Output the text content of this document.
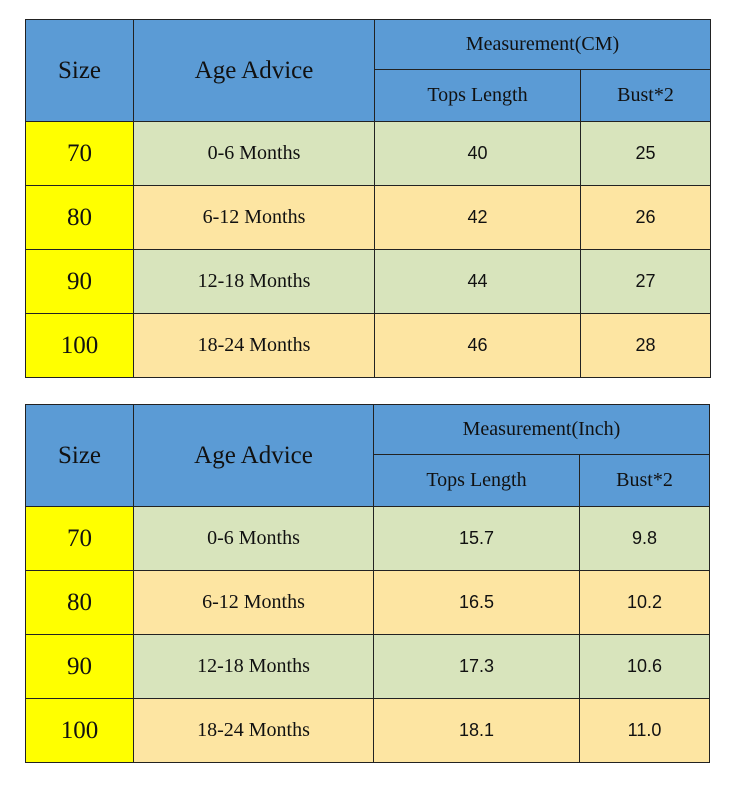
Size	Age Advice	Measurement(CM)	
		Tops Length	Bust*2
70	0-6 Months	40	25
80	6-12 Months	42	26
90	12-18 Months	44	27
100	18-24 Months	46	28
Size	Age Advice	Measurement(Inch)	
		Tops Length	Bust*2
70	0-6 Months	15.7	9.8
80	6-12 Months	16.5	10.2
90	12-18 Months	17.3	10.6
100	18-24 Months	18.1	11.0
